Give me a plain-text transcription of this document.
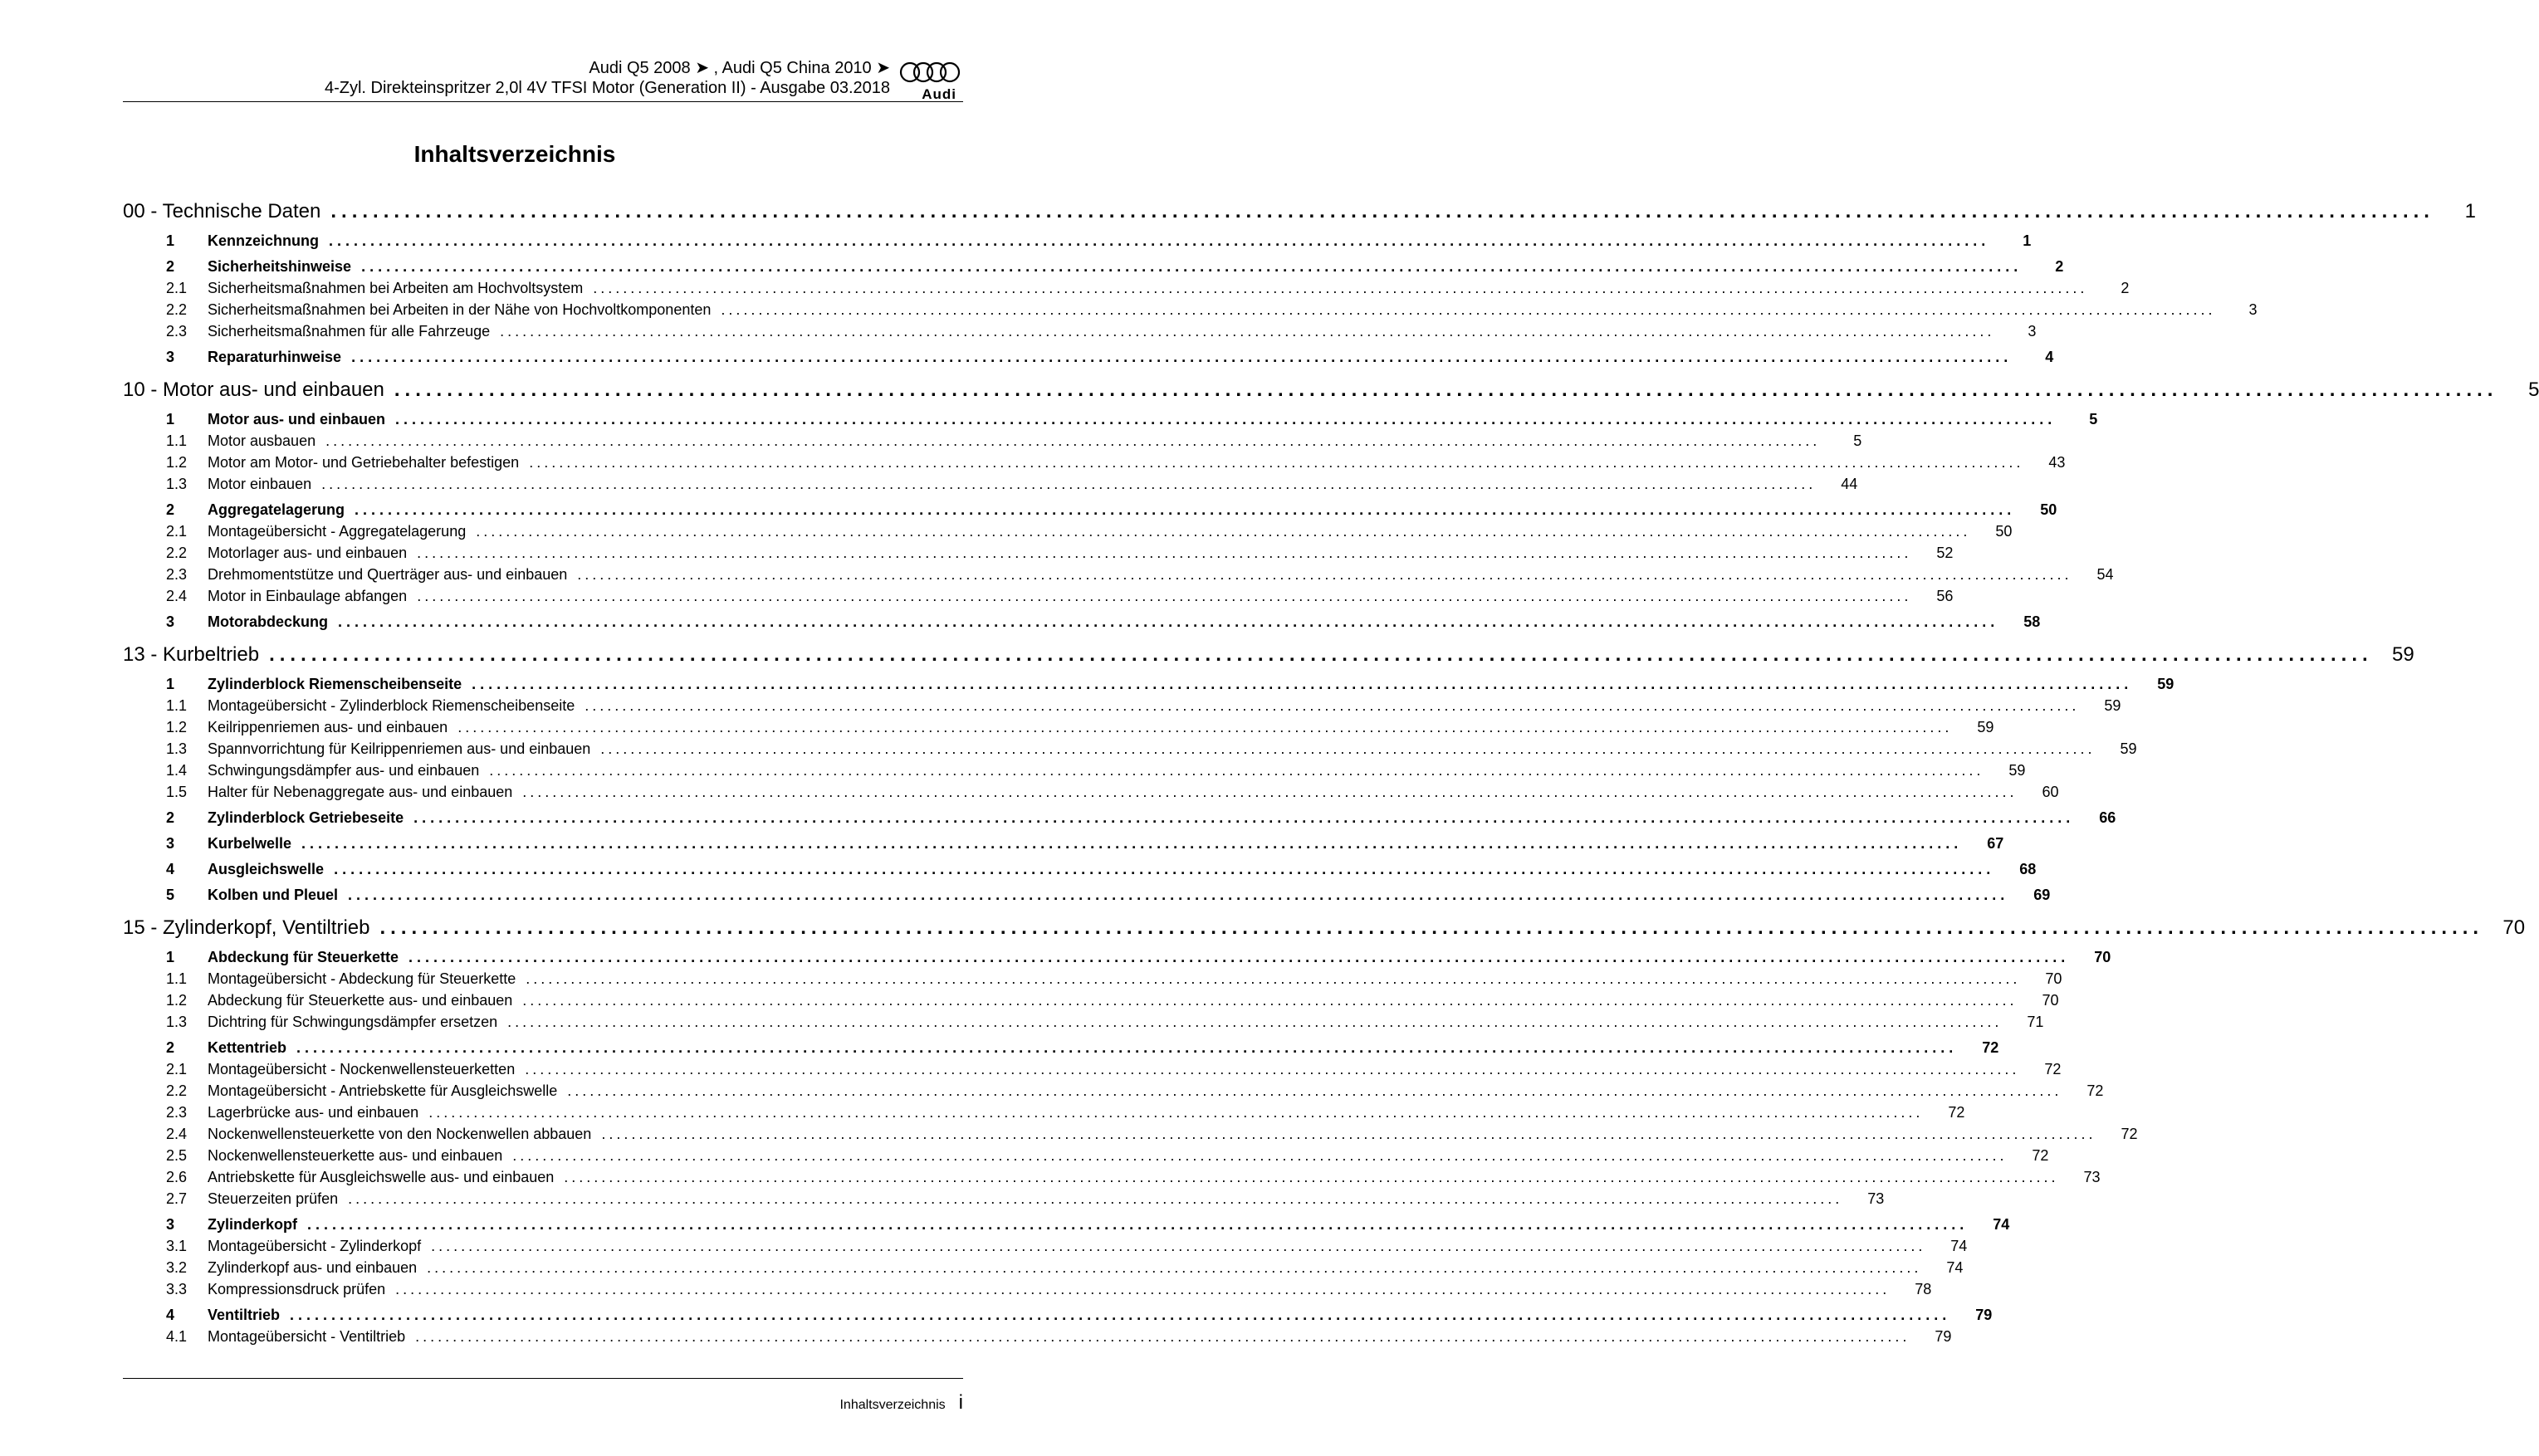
Audi Q5 2008 ➤ , Audi Q5 China 2010 ➤
4-Zyl. Direkteinspritzer 2,0l 4V TFSI Motor (Generation II) - Ausgabe 03.2018 Audi
Inhaltsverzeichnis
00 - Technische Daten ........................................................................................................................................................................................................	1
1	Kennzeichnung ........................................................................................................................................................................................................	1
2	Sicherheitshinweise ........................................................................................................................................................................................................	2
2.1	Sicherheitsmaßnahmen bei Arbeiten am Hochvoltsystem ........................................................................................................................................................................................................	2
2.2	Sicherheitsmaßnahmen bei Arbeiten in der Nähe von Hochvoltkomponenten ........................................................................................................................................................................................................	3
2.3	Sicherheitsmaßnahmen für alle Fahrzeuge ........................................................................................................................................................................................................	3
3	Reparaturhinweise ........................................................................................................................................................................................................	4
10 - Motor aus- und einbauen ........................................................................................................................................................................................................	5
1	Motor aus- und einbauen ........................................................................................................................................................................................................	5
1.1	Motor ausbauen ........................................................................................................................................................................................................	5
1.2	Motor am Motor- und Getriebehalter befestigen ........................................................................................................................................................................................................	43
1.3	Motor einbauen ........................................................................................................................................................................................................	44
2	Aggregatelagerung ........................................................................................................................................................................................................	50
2.1	Montageübersicht - Aggregatelagerung ........................................................................................................................................................................................................	50
2.2	Motorlager aus- und einbauen ........................................................................................................................................................................................................	52
2.3	Drehmomentstütze und Querträger aus- und einbauen ........................................................................................................................................................................................................	54
2.4	Motor in Einbaulage abfangen ........................................................................................................................................................................................................	56
3	Motorabdeckung ........................................................................................................................................................................................................	58
13 - Kurbeltrieb ........................................................................................................................................................................................................ 59
1	Zylinderblock Riemenscheibenseite ........................................................................................................................................................................................................	59
1.1	Montageübersicht - Zylinderblock Riemenscheibenseite ........................................................................................................................................................................................................	59
1.2	Keilrippenriemen aus- und einbauen ........................................................................................................................................................................................................	59
1.3	Spannvorrichtung für Keilrippenriemen aus- und einbauen ........................................................................................................................................................................................................	59
1.4	Schwingungsdämpfer aus- und einbauen ........................................................................................................................................................................................................	59
1.5	Halter für Nebenaggregate aus- und einbauen ........................................................................................................................................................................................................	60
2	Zylinderblock Getriebeseite ........................................................................................................................................................................................................	66
3	Kurbelwelle ........................................................................................................................................................................................................	67
4	Ausgleichswelle ........................................................................................................................................................................................................	68
5	Kolben und Pleuel ........................................................................................................................................................................................................	69
15 - Zylinderkopf, Ventiltrieb ........................................................................................................................................................................................................ 70
1	Abdeckung für Steuerkette ........................................................................................................................................................................................................	70
1.1	Montageübersicht - Abdeckung für Steuerkette ........................................................................................................................................................................................................	70
1.2	Abdeckung für Steuerkette aus- und einbauen ........................................................................................................................................................................................................	70
1.3	Dichtring für Schwingungsdämpfer ersetzen ........................................................................................................................................................................................................	71
2	Kettentrieb ........................................................................................................................................................................................................	72
2.1	Montageübersicht - Nockenwellensteuerketten ........................................................................................................................................................................................................	72
2.2	Montageübersicht - Antriebskette für Ausgleichswelle ........................................................................................................................................................................................................	72
2.3	Lagerbrücke aus- und einbauen ........................................................................................................................................................................................................	72
2.4	Nockenwellensteuerkette von den Nockenwellen abbauen ........................................................................................................................................................................................................	72
2.5	Nockenwellensteuerkette aus- und einbauen ........................................................................................................................................................................................................	72
2.6	Antriebskette für Ausgleichswelle aus- und einbauen ........................................................................................................................................................................................................	73
2.7	Steuerzeiten prüfen ........................................................................................................................................................................................................	73
3	Zylinderkopf ........................................................................................................................................................................................................	74
3.1	Montageübersicht - Zylinderkopf ........................................................................................................................................................................................................	74
3.2	Zylinderkopf aus- und einbauen ........................................................................................................................................................................................................	74
3.3	Kompressionsdruck prüfen ........................................................................................................................................................................................................	78
4	Ventiltrieb ........................................................................................................................................................................................................	79
4.1	Montageübersicht - Ventiltrieb ........................................................................................................................................................................................................	79
Inhaltsverzeichnis i
